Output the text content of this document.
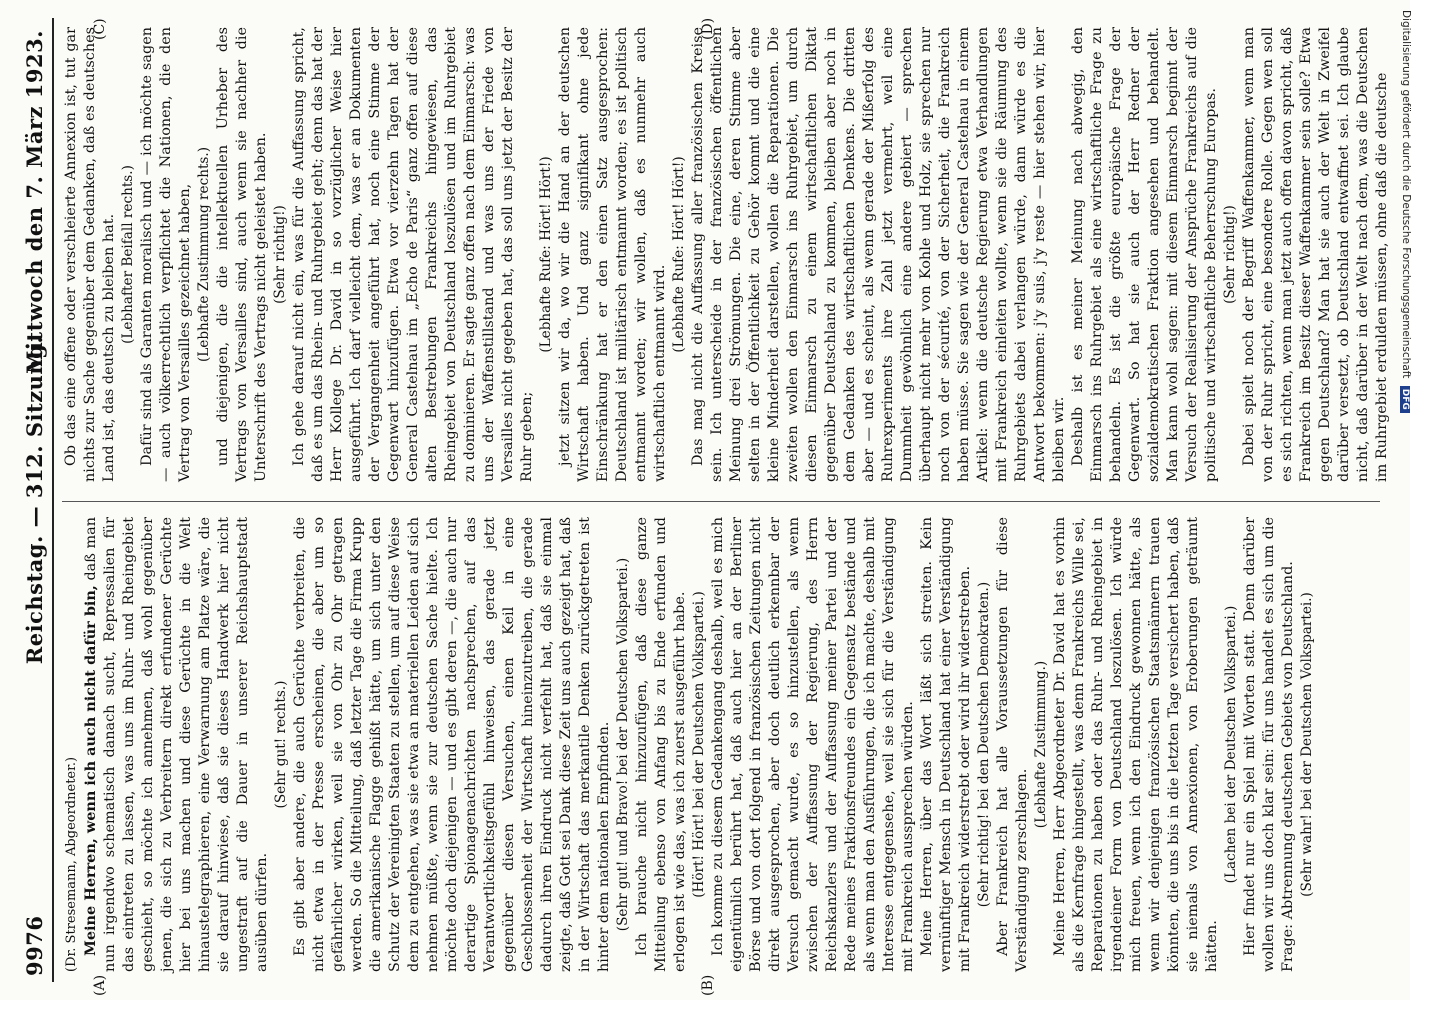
9976
Reichstag. — 312. Sitzung.
Mittwoch den 7. März 1923.
(A)	(B)
(C)	(D)

(Dr. Stresemann, Abgeordneter.) Meine Herren, wenn ich auch nicht dafür bin, daß man nun irgendwo schematisch danach sucht, Repressalien für das eintreten zu lassen, was uns im Ruhr- und Rheingebiet geschieht, so möchte ich annehmen, daß wohl gegenüber jenen, die sich zu Verbreitern direkt erfundener Gerüchte hier bei uns machen und diese Gerüchte in die Welt hinaustelegraphieren, eine Verwarnung am Platze wäre, die sie darauf hinwiese, daß sie dieses Handwerk hier nicht ungestraft auf die Dauer in unserer Reichshauptstadt ausüben dürfen.

(Sehr gut! rechts.) Es gibt aber andere, die auch Gerüchte verbreiten, die nicht etwa in der Presse erscheinen, die aber um so gefährlicher wirken, weil sie von Ohr zu Ohr getragen werden. So die Mitteilung, daß letzter Tage die Firma Krupp die amerikanische Flagge gehißt hätte, um sich unter den Schutz der Vereinigten Staaten zu stellen, um auf diese Weise dem zu entgehen, was sie etwa an materiellen Leiden auf sich nehmen müßte, wenn sie zur deutschen Sache hielte. Ich möchte doch diejenigen — und es gibt deren —, die auch nur derartige Spionagenachrichten nachsprechen, auf das Verantwortlichkeitsgefühl hinweisen, das gerade jetzt gegenüber diesen Versuchen, einen Keil in eine Geschlossenheit der Wirtschaft hineinzutreiben, die gerade dadurch ihren Eindruck nicht verfehlt hat, daß sie einmal zeigte, daß Gott sei Dank diese Zeit uns auch gezeigt hat, daß in der Wirtschaft das merkantile Denken zurückgetreten ist hinter dem nationalen Empfinden. (Sehr gut! und Bravo! bei der Deutschen Volkspartei.) Ich brauche nicht hinzuzufügen, daß diese ganze Mitteilung ebenso von Anfang bis zu Ende erfunden und erlogen ist wie das, was ich zuerst ausgeführt habe. (Hört! Hört! bei der Deutschen Volkspartei.) Ich komme zu diesem Gedankengang deshalb, weil es mich eigentümlich berührt hat, daß auch hier an der Berliner Börse und von dort folgend in französischen Zeitungen nicht direkt ausgesprochen, aber doch deutlich erkennbar der Versuch gemacht wurde, es so hinzustellen, als wenn zwischen der Auffassung der Regierung, des Herrn Reichskanzlers und der Auffassung meiner Partei und der Rede meines Fraktionsfreundes ein Gegensatz bestände und als wenn man den Ausführungen, die ich machte, deshalb mit Interesse entgegensehe, weil sie sich für die Verständigung mit Frankreich aussprechen würden. Meine Herren, über das Wort läßt sich streiten. Kein vernünftiger Mensch in Deutschland hat einer Verständigung mit Frankreich widerstrebt oder wird ihr widerstreben. (Sehr richtig! bei den Deutschen Demokraten.) Aber Frankreich hat alle Voraussetzungen für diese Verständigung zerschlagen.

(Lebhafte Zustimmung.) Meine Herren, Herr Abgeordneter Dr. David hat es vorhin als die Kernfrage hingestellt, was denn Frankreichs Wille sei, Reparationen zu haben oder das Ruhr- und Rheingebiet in irgendeiner Form von Deutschland loszulösen. Ich würde mich freuen, wenn ich den Eindruck gewonnen hätte, als wenn wir denjenigen französischen Staatsmännern trauen könnten, die uns bis in die letzten Tage versichert haben, daß sie niemals von Annexionen, von Eroberungen geträumt hätten.

(Lachen bei der Deutschen Volkspartei.) Hier findet nur ein Spiel mit Worten statt. Denn darüber wollen wir uns doch klar sein: für uns handelt es sich um die Frage: Abtrennung deutschen Gebiets von Deutschland. (Sehr wahr! bei der Deutschen Volkspartei.)

Ob das eine offene oder verschleierte Annexion ist, tut gar nichts zur Sache gegenüber dem Gedanken, daß es deutsches Land ist, das deutsch zu bleiben hat. (Lebhafter Beifall rechts.) Dafür sind als Garanten moralisch und — ich möchte sagen — auch völkerrechtlich verpflichtet die Nationen, die den Vertrag von Versailles gezeichnet haben, (Lebhafte Zustimmung rechts.) und diejenigen, die die intellektuellen Urheber des Vertrags von Versailles sind, auch wenn sie nachher die Unterschrift des Vertrags nicht geleistet haben. (Sehr richtig!) Ich gehe darauf nicht ein, was für die Auffassung spricht, daß es um das Rhein- und Ruhrgebiet geht; denn das hat der Herr Kollege Dr. David in so vorzüglicher Weise hier ausgeführt. Ich darf vielleicht dem, was er an Dokumenten der Vergangenheit angeführt hat, noch eine Stimme der Gegenwart hinzufügen. Etwa vor vierzehn Tagen hat der General Castelnau im „Echo de Paris“ ganz offen auf diese alten Bestrebungen Frankreichs hingewiesen, das Rheingebiet von Deutschland loszulösen und im Ruhrgebiet zu dominieren. Er sagte ganz offen nach dem Einmarsch: was uns der Waffenstillstand und was uns der Friede von Versailles nicht gegeben hat, das soll uns jetzt der Besitz der Ruhr geben;

(Lebhafte Rufe: Hört! Hört!) jetzt sitzen wir da, wo wir die Hand an der deutschen Wirtschaft haben. Und ganz signifikant ohne jede Einschränkung hat er den einen Satz ausgesprochen: Deutschland ist militärisch entmannt worden; es ist politisch entmannt worden; wir wollen, daß es nunmehr auch wirtschaftlich entmannt wird.

(Lebhafte Rufe: Hört! Hört!) Das mag nicht die Auffassung aller französischen Kreise sein. Ich unterscheide in der französischen öffentlichen Meinung drei Strömungen. Die eine, deren Stimme aber selten in der Öffentlichkeit zu Gehör kommt und die eine kleine Minderheit darstellen, wollen die Reparationen. Die zweiten wollen den Einmarsch ins Ruhrgebiet, um durch diesen Einmarsch zu einem wirtschaftlichen Diktat gegenüber Deutschland zu kommen, bleiben aber noch in dem Gedanken des wirtschaftlichen Denkens. Die dritten aber — und es scheint, als wenn gerade der Mißerfolg des Ruhrexperiments ihre Zahl jetzt vermehrt, weil eine Dummheit gewöhnlich eine andere gebiert — sprechen überhaupt nicht mehr von Kohle und Holz, sie sprechen nur noch von der sécurité, von der Sicherheit, die Frankreich haben müsse. Sie sagen wie der General Castelnau in einem Artikel: wenn die deutsche Regierung etwa Verhandlungen mit Frankreich einleiten wollte, wenn sie die Räumung des Ruhrgebiets dabei verlangen würde, dann würde es die Antwort bekommen: j'y suis, j'y reste — hier stehen wir, hier bleiben wir. Deshalb ist es meiner Meinung nach abwegig, den Einmarsch ins Ruhrgebiet als eine wirtschaftliche Frage zu behandeln. Es ist die größte europäische Frage der Gegenwart. So hat sie auch der Herr Redner der sozialdemokratischen Fraktion angesehen und behandelt. Man kann wohl sagen: mit diesem Einmarsch beginnt der Versuch der Realisierung der Ansprüche Frankreichs auf die politische und wirtschaftliche Beherrschung Europas. (Sehr richtig!) Dabei spielt noch der Begriff Waffenkammer, wenn man von der Ruhr spricht, eine besondere Rolle. Gegen wen soll es sich richten, wenn man jetzt auch offen davon spricht, daß Frankreich im Besitz dieser Waffenkammer sein solle? Etwa gegen Deutschland? Man hat sie auch der Welt in Zweifel darüber versetzt, ob Deutschland entwaffnet sei. Ich glaube nicht, daß darüber in der Welt nach dem, was die Deutschen im Ruhrgebiet erdulden müssen, ohne daß die deutsche Digitalisierung gefördert durch die Deutsche Forschungsgemeinschaft DFG
